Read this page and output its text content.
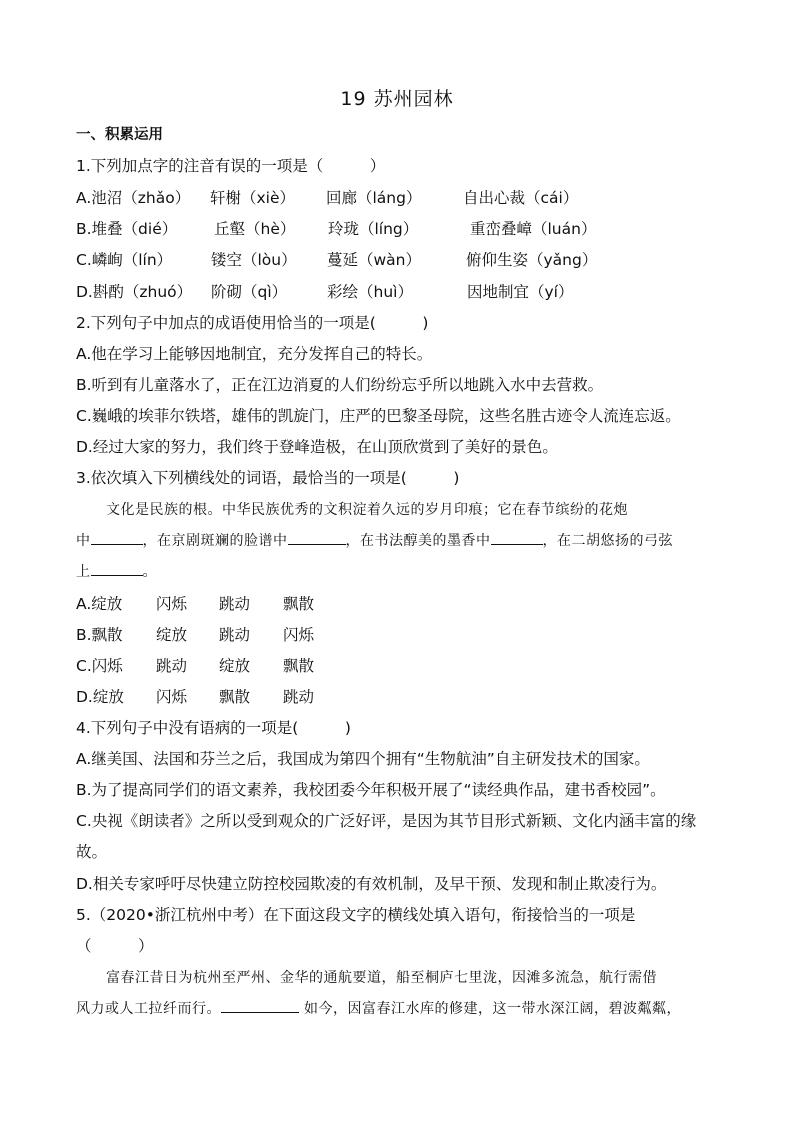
19 苏州园林
一、积累运用
1.下列加点字的注音有误的一项是（　　　）
A.池沼（zhǎo） 轩榭（xiè） 回廊（láng）	自出心裁（cái）
B.堆叠（dié） 丘壑（hè） 玲珑（líng）	重峦叠嶂（luán）
C.嶙峋（lín）	镂空（lòu） 蔓延（wàn）	俯仰生姿（yǎng）
D.斟酌（zhuó） 阶砌（qì）	彩绘（huì）	因地制宜（yí）
2.下列句子中加点的成语使用恰当的一项是(　　　)
A.他在学习上能够因地制宜，充分发挥自己的特长。
B.听到有儿童落水了，正在江边消夏的人们纷纷忘乎所以地跳入水中去营救。
C.巍峨的埃菲尔铁塔，雄伟的凯旋门，庄严的巴黎圣母院，这些名胜古迹令人流连忘返。
D.经过大家的努力，我们终于登峰造极，在山顶欣赏到了美好的景色。
3.依次填入下列横线处的词语，最恰当的一项是(　　　)
文化是民族的根。中华民族优秀的文积淀着久远的岁月印痕；它在春节缤纷的花炮
中	，在京剧斑斓的脸谱中	，在书法醇美的墨香中	，在二胡悠扬的弓弦
上	。
A.绽放 闪烁 跳动 飘散
B.飘散 绽放 跳动 闪烁
C.闪烁 跳动 绽放 飘散
D.绽放 闪烁 飘散 跳动
4.下列句子中没有语病的一项是(　　　)
A.继美国、法国和芬兰之后，我国成为第四个拥有“生物航油”自主研发技术的国家。
B.为了提高同学们的语文素养，我校团委今年积极开展了“读经典作品，建书香校园”。
C.央视《朗读者》之所以受到观众的广泛好评，是因为其节目形式新颖、文化内涵丰富的缘
故。
D.相关专家呼吁尽快建立防控校园欺凌的有效机制，及早干预、发现和制止欺凌行为。
5.（2020•浙江杭州中考）在下面这段文字的横线处填入语句，衔接恰当的一项是
（　　　）
富春江昔日为杭州至严州、金华的通航要道，船至桐庐七里泷，因滩多流急，航行需借
风力或人工拉纤而行。	如今，因富春江水库的修建，这一带水深江阔，碧波粼粼，
